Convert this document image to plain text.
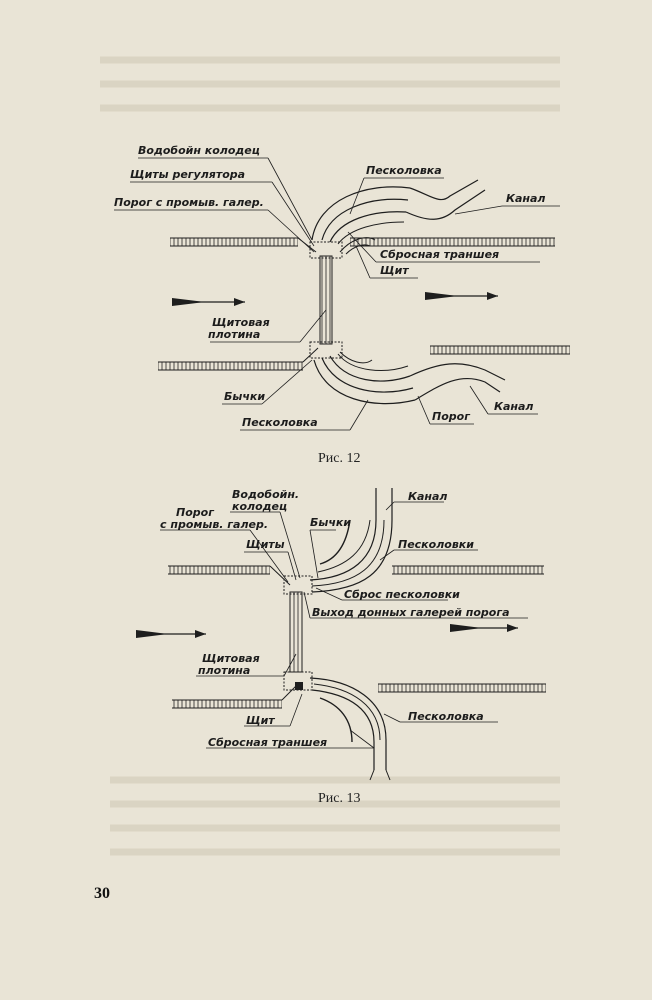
Водобойн колодец
Щиты регулятора
Порог с промыв. галер.
Песколовка
Канал
Сбросная траншея
Щит
Щитовая
плотина
Бычки
Песколовка	Порог
Канал
Рис. 12
Водобойн.
колодец
Канал
Порог
с промыв. галер.	Бычки
Щиты	Песколовки
Сброс песколовки
Выход донных галерей порога
Щитовая
плотина
Щит	Песколовка
Сбросная траншея
Рис. 13
30
